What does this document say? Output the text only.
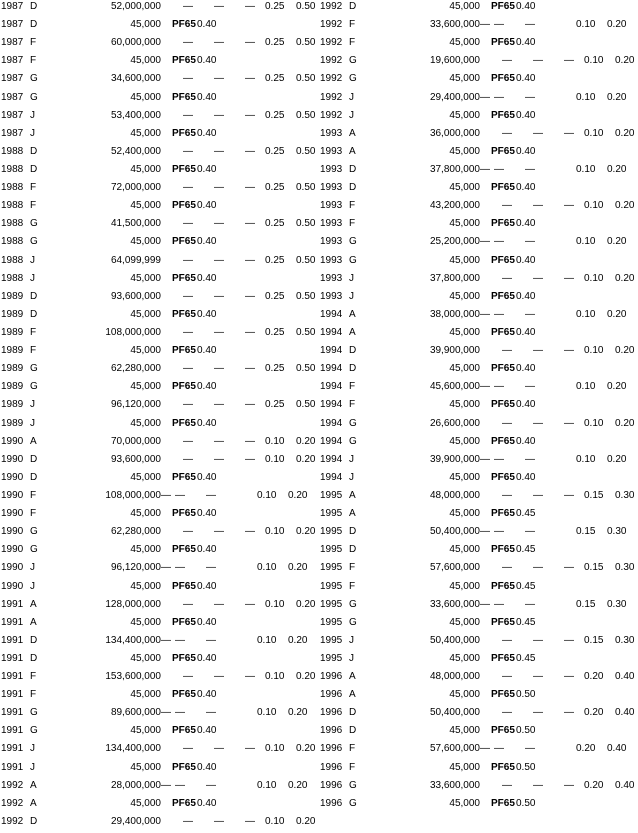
1987 D	52,000,000 — — — 0.25 0.50
1987 D	45,000 PF65 0.40
1987 F	60,000,000 — — — 0.25 0.50
1987 F	45,000 PF65 0.40
1987 G	34,600,000 — — — 0.25 0.50
1987 G	45,000 PF65 0.40
1987 J	53,400,000 — — — 0.25 0.50
1987 J	45,000 PF65 0.40
1988 D	52,400,000 — — — 0.25 0.50
1988 D	45,000 PF65 0.40
1988 F	72,000,000 — — — 0.25 0.50
1988 F	45,000 PF65 0.40
1988 G	41,500,000 — — — 0.25 0.50
1988 G	45,000 PF65 0.40
1988 J	64,099,999 — — — 0.25 0.50
1988 J	45,000 PF65 0.40
1989 D	93,600,000 — — — 0.25 0.50
1989 D	45,000 PF65 0.40
1989 F	108,000,000 — — — 0.25 0.50
1989 F	45,000 PF65 0.40
1989 G	62,280,000 — — — 0.25 0.50
1989 G	45,000 PF65 0.40
1989 J	96,120,000 — — — 0.25 0.50
1989 J	45,000 PF65 0.40
1990 A	70,000,000 — — — 0.10 0.20
1990 D	93,600,000 — — — 0.10 0.20
1990 D	45,000 PF65 0.40
1990 F	108,000,000— — —	0.10 0.20
1990 F	45,000 PF65 0.40
1990 G	62,280,000 — — — 0.10 0.20
1990 G	45,000 PF65 0.40
1990 J	96,120,000— — —	0.10 0.20
1990 J	45,000 PF65 0.40
1991 A	128,000,000 — — — 0.10 0.20
1991 A	45,000 PF65 0.40
1991 D	134,400,000— — —	0.10 0.20
1991 D	45,000 PF65 0.40
1991 F	153,600,000 — — — 0.10 0.20
1991 F	45,000 PF65 0.40
1991 G	89,600,000— — —	0.10 0.20
1991 G	45,000 PF65 0.40
1991 J	134,400,000 — — — 0.10 0.20
1991 J	45,000 PF65 0.40
1992 A	28,000,000— — —	0.10 0.20
1992 A	45,000 PF65 0.40
1992 D	29,400,000 — — — 0.10 0.20
1992 D	45,000 PF65 0.40
1992 F	33,600,000— — —	0.10 0.20
1992 F	45,000 PF65 0.40
1992 G	19,600,000 — — — 0.10 0.20
1992 G	45,000 PF65 0.40
1992 J	29,400,000— — —	0.10 0.20
1992 J	45,000 PF65 0.40
1993 A	36,000,000 — — — 0.10 0.20
1993 A	45,000 PF65 0.40
1993 D	37,800,000— — —	0.10 0.20
1993 D	45,000 PF65 0.40
1993 F	43,200,000 — — — 0.10 0.20
1993 F	45,000 PF65 0.40
1993 G	25,200,000— — —	0.10 0.20
1993 G	45,000 PF65 0.40
1993 J	37,800,000 — — — 0.10 0.20
1993 J	45,000 PF65 0.40
1994 A	38,000,000— — —	0.10 0.20
1994 A	45,000 PF65 0.40
1994 D	39,900,000 — — — 0.10 0.20
1994 D	45,000 PF65 0.40
1994 F	45,600,000— — —	0.10 0.20
1994 F	45,000 PF65 0.40
1994 G	26,600,000 — — — 0.10 0.20
1994 G	45,000 PF65 0.40
1994 J	39,900,000— — —	0.10 0.20
1994 J	45,000 PF65 0.40
1995 A	48,000,000 — — — 0.15 0.30
1995 A	45,000 PF65 0.45
1995 D	50,400,000— — —	0.15 0.30
1995 D	45,000 PF65 0.45
1995 F	57,600,000 — — — 0.15 0.30
1995 F	45,000 PF65 0.45
1995 G	33,600,000— — —	0.15 0.30
1995 G	45,000 PF65 0.45
1995 J	50,400,000 — — — 0.15 0.30
1995 J	45,000 PF65 0.45
1996 A	48,000,000 — — — 0.20 0.40
1996 A	45,000 PF65 0.50
1996 D	50,400,000 — — — 0.20 0.40
1996 D	45,000 PF65 0.50
1996 F	57,600,000— — —	0.20 0.40
1996 F	45,000 PF65 0.50
1996 G	33,600,000 — — — 0.20 0.40
1996 G	45,000 PF65 0.50
